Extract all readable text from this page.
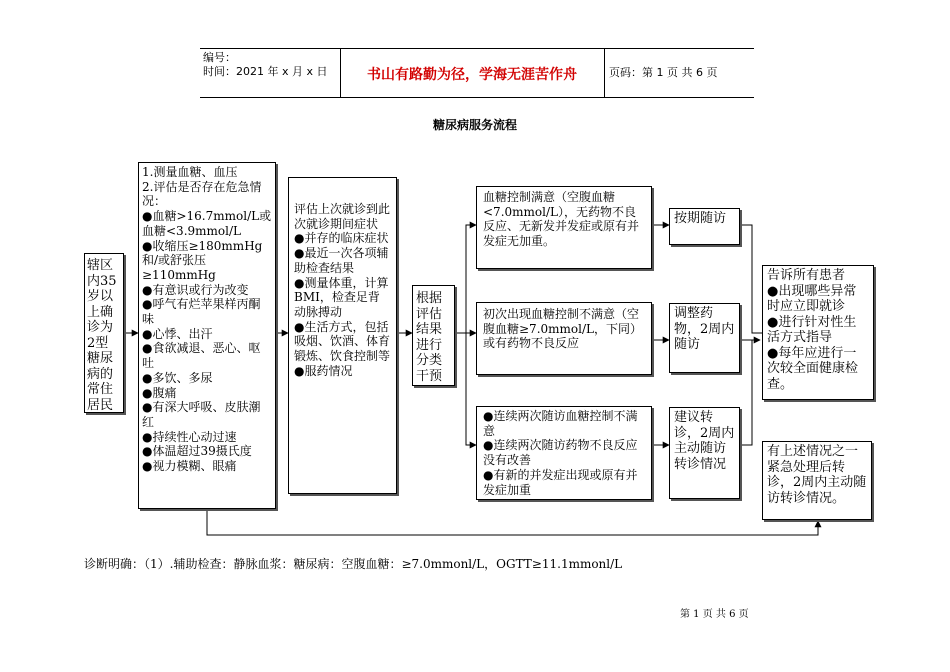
编号：
时间：2021 年 x 月 x 日	书山有路勤为径，学海无涯苦作舟	页码：第 1 页 共 6 页
糖尿病服务流程
辖区内35岁以上确诊为2型糖尿病的常住居民

1.测量血糖、血压

2.评估是否存在危急情况：

●血糖>16.7mmol/L或血糖<3.9mmol/L

●收缩压≥180mmHg和/或舒张压≥110mmHg

●有意识或行为改变

●呼气有烂苹果样丙酮味

●心悸、出汗

●食欲减退、恶心、呕吐

●多饮、多尿

●腹痛

●有深大呼吸、皮肤潮红

●持续性心动过速

●体温超过39摄氏度

●视力模糊、眼痛

评估上次就诊到此次就诊期间症状

●并存的临床症状

●最近一次各项辅助检查结果

●测量体重，计算BMI，检查足背动脉搏动

●生活方式，包括吸烟、饮酒、体育锻炼、饮食控制等

●服药情况

根据评估结果进行分类干预
血糖控制满意（空腹血糖<7.0mmol/L），无药物不良反应、无新发并发症或原有并发症无加重。
初次出现血糖控制不满意（空腹血糖≥7.0mmol/L，下同）或有药物不良反应

●连续两次随访血糖控制不满意

●连续两次随访药物不良反应没有改善

●有新的并发症出现或原有并发症加重

按期随访
调整药物，2周内随访
建议转诊，2周内主动随访转诊情况

告诉所有患者

●出现哪些异常时应立即就诊

●进行针对性生活方式指导

●每年应进行一次较全面健康检查。

有上述情况之一紧急处理后转诊，2周内主动随访转诊情况。
诊断明确：（1）.辅助检查：静脉血浆：糖尿病：空腹血糖：≥7.0mmonl/L，OGTT≥11.1mmonl/L
第 1 页 共 6 页
